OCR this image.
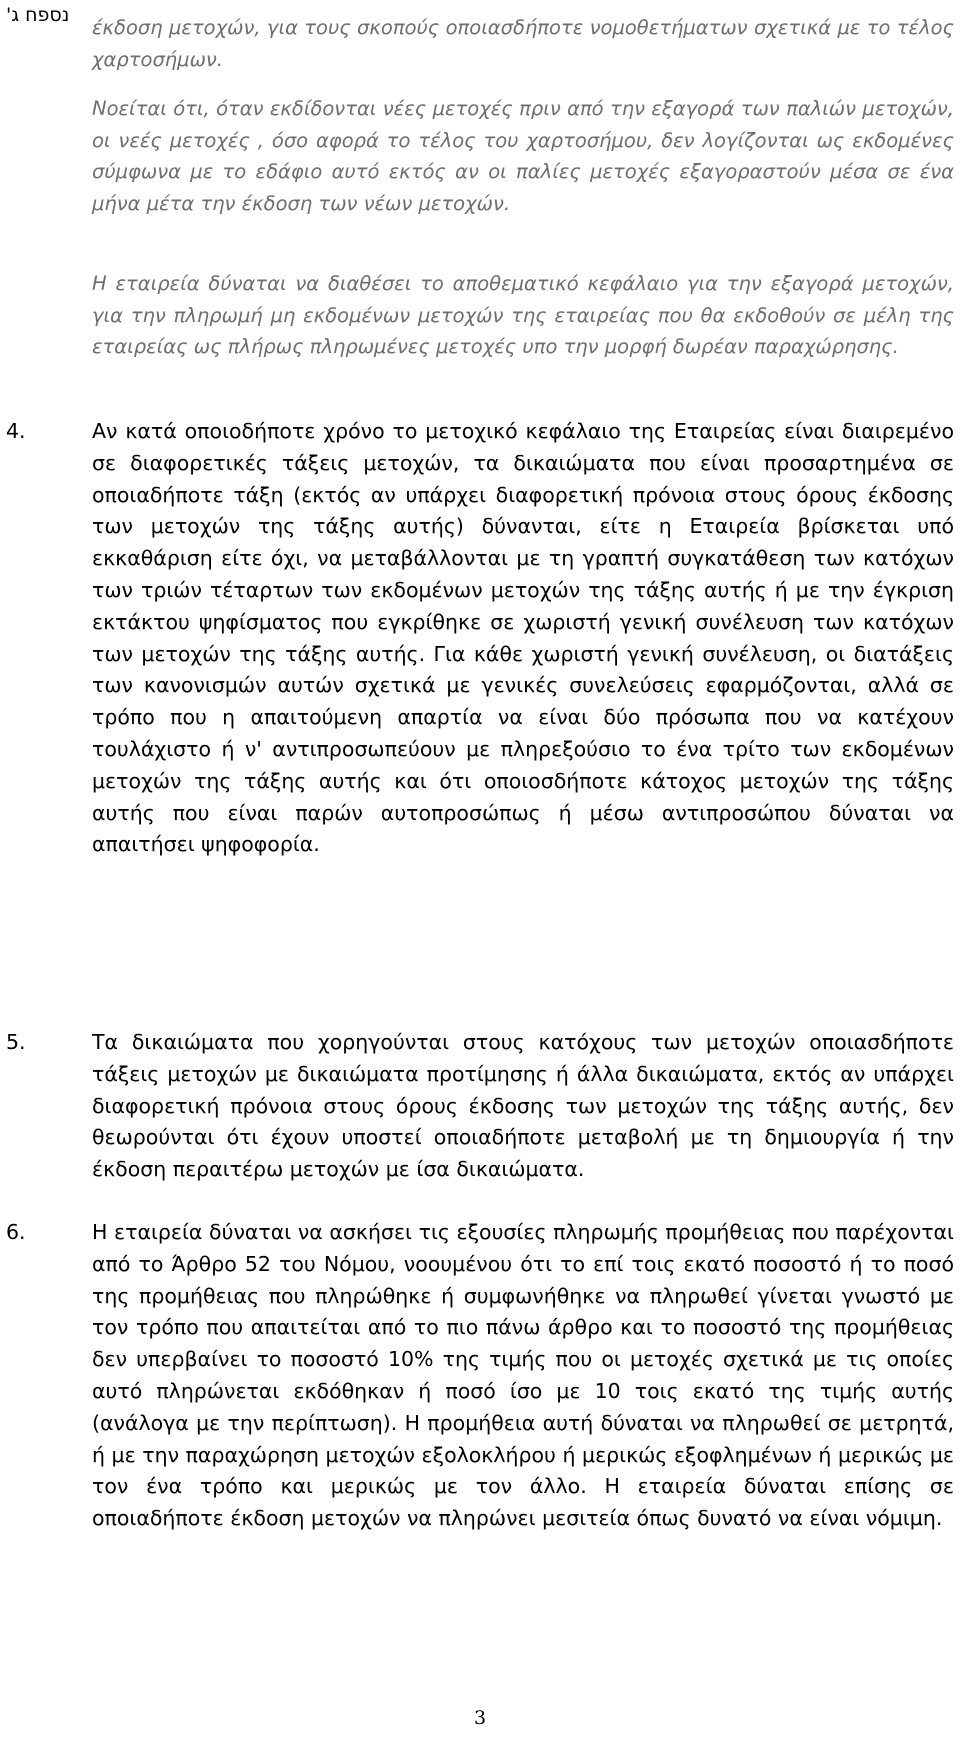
נספח ג'

έκδοση μετοχών, για τους σκοπούς οποιασδήποτε νομοθετήματων σχετικά με το τέλος χαρτοσήμων.

Νοείται ότι, όταν εκδίδονται νέες μετοχές πριν από την εξαγορά των παλιών μετοχών, οι νεές μετοχές , όσο αφορά το τέλος του χαρτοσήμου, δεν λογίζονται ως εκδομένες σύμφωνα με το εδάφιο αυτό εκτός αν οι παλίες μετοχές εξαγοραστούν μέσα σε ένα μήνα μέτα την έκδοση των νέων μετοχών.

Η εταιρεία δύναται να διαθέσει το αποθεματικό κεφάλαιο για την εξαγορά μετοχών, για την πληρωμή μη εκδομένων μετοχών της εταιρείας που θα εκδοθούν σε μέλη της εταιρείας ως πλήρως πληρωμένες μετοχές υπο την μορφή δωρέαν παραχώρησης.

4.	Αν κατά οποιοδήποτε χρόνο το μετοχικό κεφάλαιο της Εταιρείας είναι διαιρεμένο σε διαφορετικές τάξεις μετοχών, τα δικαιώματα που είναι προσαρτημένα σε οποιαδήποτε τάξη (εκτός αν υπάρχει διαφορετική πρόνοια στους όρους έκδοσης των μετοχών της τάξης αυτής) δύνανται, είτε η Εταιρεία βρίσκεται υπό εκκαθάριση είτε όχι, να μεταβάλλονται με τη γραπτή συγκατάθεση των κατόχων των τριών τέταρτων των εκδομένων μετοχών της τάξης αυτής ή με την έγκριση εκτάκτου ψηφίσματος που εγκρίθηκε σε χωριστή γενική συνέλευση των κατόχων των μετοχών της τάξης αυτής. Για κάθε χωριστή γενική συνέλευση, οι διατάξεις των κανονισμών αυτών σχετικά με γενικές συνελεύσεις εφαρμόζονται, αλλά σε τρόπο που η απαιτούμενη απαρτία να είναι δύο πρόσωπα που να κατέχουν τουλάχιστο ή ν' αντιπροσωπεύουν με πληρεξούσιο το ένα τρίτο των εκδομένων μετοχών της τάξης αυτής και ότι οποιοσδήποτε κάτοχος μετοχών της τάξης αυτής που είναι παρών αυτοπροσώπως ή μέσω αντιπροσώπου δύναται να απαιτήσει ψηφοφορία.

5.	Τα δικαιώματα που χορηγούνται στους κατόχους των μετοχών οποιασδήποτε τάξεις μετοχών με δικαιώματα προτίμησης ή άλλα δικαιώματα, εκτός αν υπάρχει διαφορετική πρόνοια στους όρους έκδοσης των μετοχών της τάξης αυτής, δεν θεωρούνται ότι έχουν υποστεί οποιαδήποτε μεταβολή με τη δημιουργία ή την έκδοση περαιτέρω μετοχών με ίσα δικαιώματα.

6.	Η εταιρεία δύναται να ασκήσει τις εξουσίες πληρωμής προμήθειας που παρέχονται από το Άρθρο 52 του Νόμου, νοουμένου ότι το επί τοις εκατό ποσοστό ή το ποσό της προμήθειας που πληρώθηκε ή συμφωνήθηκε να πληρωθεί γίνεται γνωστό με τον τρόπο που απαιτείται από το πιο πάνω άρθρο και το ποσοστό της προμήθειας δεν υπερβαίνει το ποσοστό 10% της τιμής που οι μετοχές σχετικά με τις οποίες αυτό πληρώνεται εκδόθηκαν ή ποσό ίσο με 10 τοις εκατό της τιμής αυτής (ανάλογα με την περίπτωση). Η προμήθεια αυτή δύναται να πληρωθεί σε μετρητά, ή με την παραχώρηση μετοχών εξολοκλήρου ή μερικώς εξοφλημένων ή μερικώς με τον ένα τρόπο και μερικώς με τον άλλο. Η εταιρεία δύναται επίσης σε οποιαδήποτε έκδοση μετοχών να πληρώνει μεσιτεία όπως δυνατό να είναι νόμιμη.

3
